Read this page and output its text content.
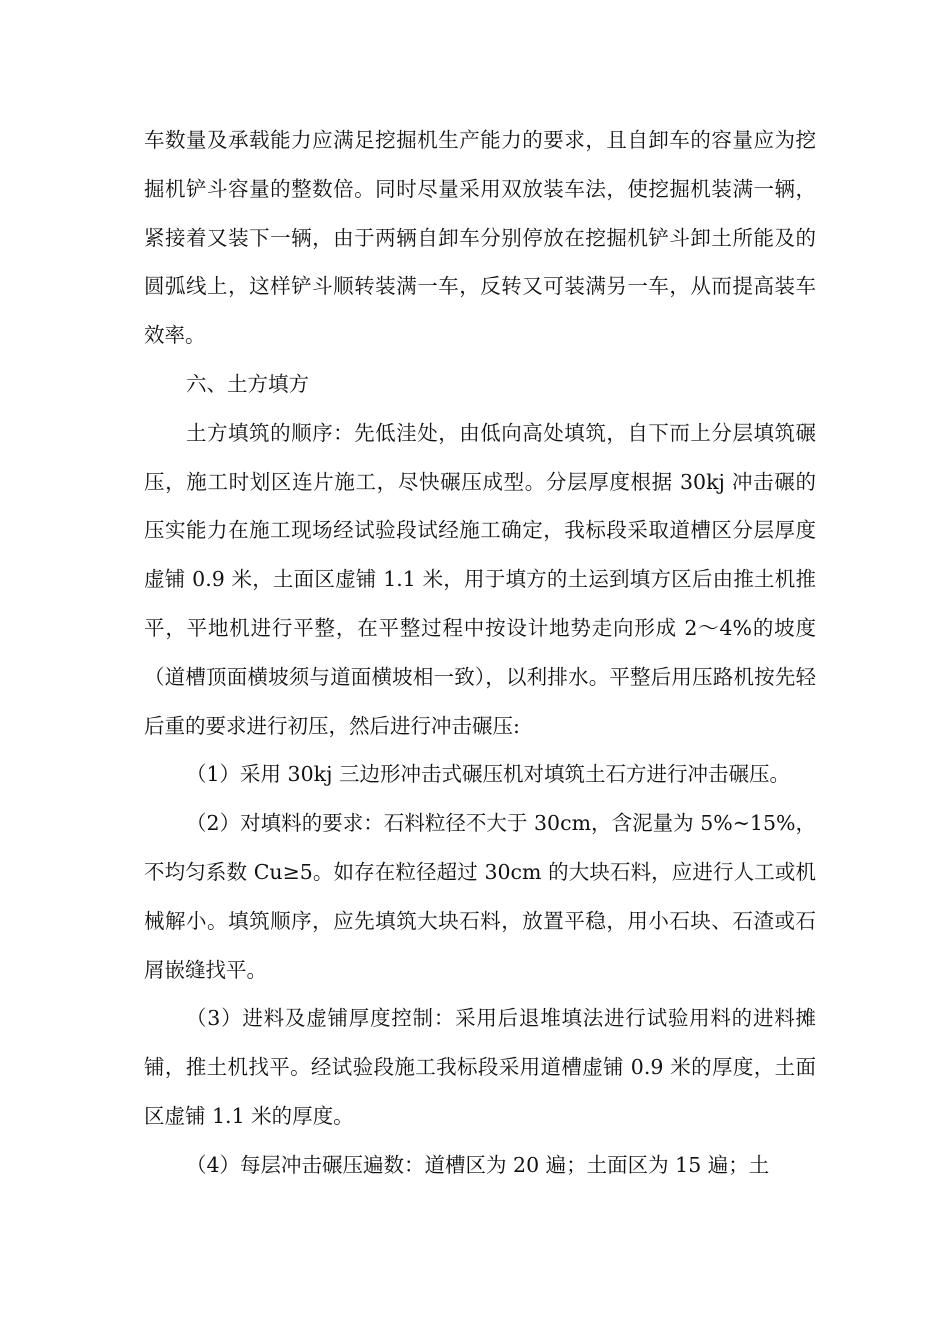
车数量及承载能力应满足挖掘机生产能力的要求，且自卸车的容量应为挖掘机铲斗容量的整数倍。同时尽量采用双放装车法，使挖掘机装满一辆，紧接着又装下一辆，由于两辆自卸车分别停放在挖掘机铲斗卸土所能及的圆弧线上，这样铲斗顺转装满一车，反转又可装满另一车，从而提高装车效率。

六、土方填方

土方填筑的顺序：先低洼处，由低向高处填筑，自下而上分层填筑碾压，施工时划区连片施工，尽快碾压成型。分层厚度根据 30kj 冲击碾的压实能力在施工现场经试验段试经施工确定，我标段采取道槽区分层厚度虚铺 0.9 米，土面区虚铺 1.1 米，用于填方的土运到填方区后由推土机推平，平地机进行平整，在平整过程中按设计地势走向形成 2～4%的坡度（道槽顶面横坡须与道面横坡相一致），以利排水。平整后用压路机按先轻后重的要求进行初压，然后进行冲击碾压:

（1）采用 30kj 三边形冲击式碾压机对填筑土石方进行冲击碾压。

（2）对填料的要求：石料粒径不大于 30cm，含泥量为 5%~15%，不均匀系数 Cu≥5。如存在粒径超过 30cm 的大块石料，应进行人工或机械解小。填筑顺序，应先填筑大块石料，放置平稳，用小石块、石渣或石屑嵌缝找平。

（3）进料及虚铺厚度控制：采用后退堆填法进行试验用料的进料摊铺，推土机找平。经试验段施工我标段采用道槽虚铺 0.9 米的厚度，土面区虚铺 1.1 米的厚度。

（4）每层冲击碾压遍数：道槽区为 20 遍；土面区为 15 遍；土
